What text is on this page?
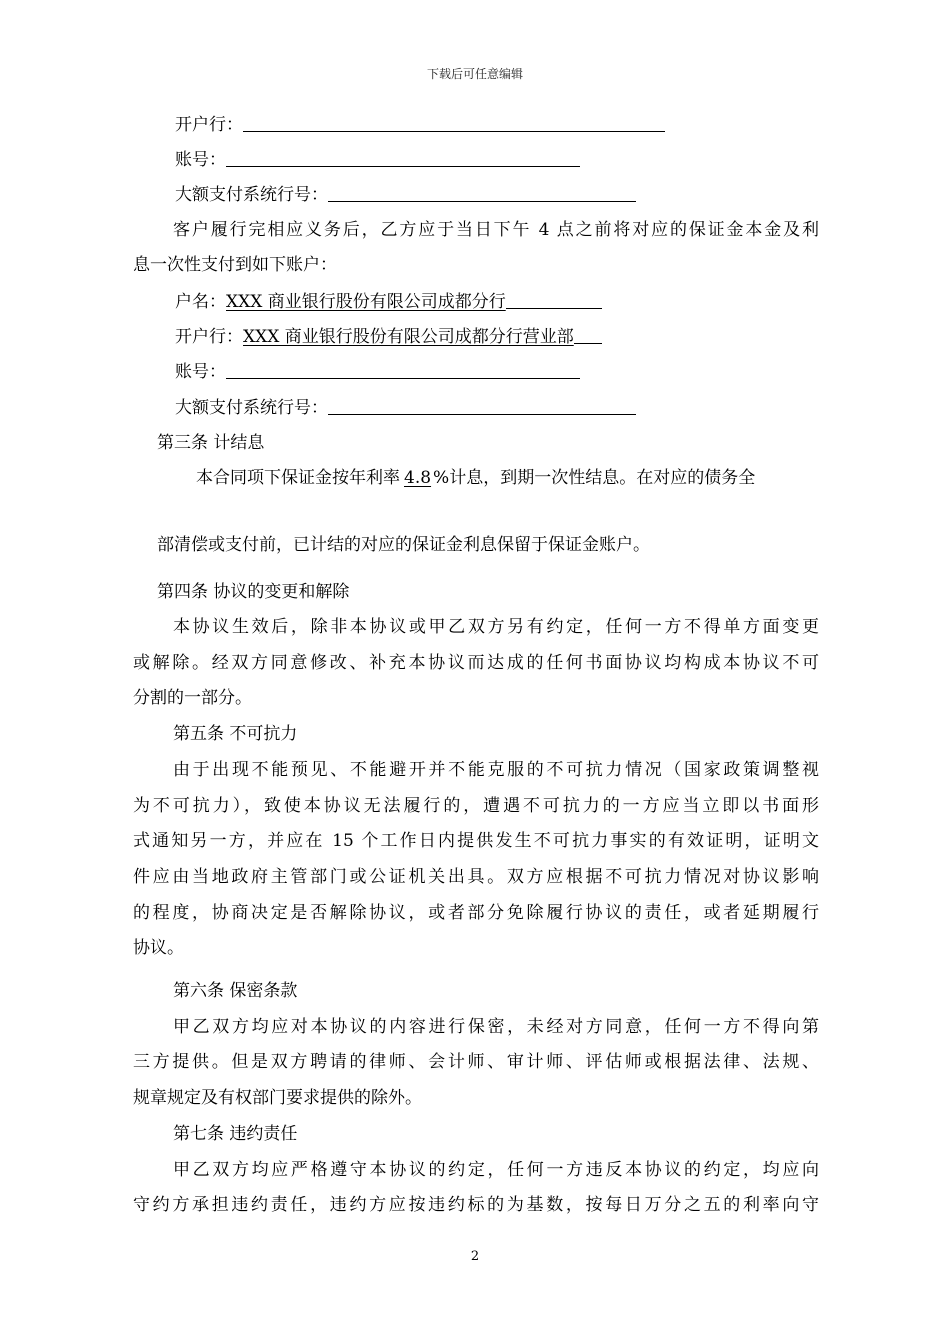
下载后可任意编辑
开户行：
账号：
大额支付系统行号：
客户履行完相应义务后，乙方应于当日下午 4 点之前将对应的保证金本金及利
息一次性支付到如下账户：
户名：XXX 商业银行股份有限公司成都分行
开户行：XXX 商业银行股份有限公司成都分行营业部
账号：
大额支付系统行号：
第三条 计结息
本合同项下保证金按年利率 4.8 %计息，到期一次性结息。在对应的债务全
部清偿或支付前，已计结的对应的保证金利息保留于保证金账户。
第四条 协议的变更和解除
本协议生效后，除非本协议或甲乙双方另有约定，任何一方不得单方面变更
或解除。经双方同意修改、补充本协议而达成的任何书面协议均构成本协议不可
分割的一部分。
第五条 不可抗力
由于出现不能预见、不能避开并不能克服的不可抗力情况（国家政策调整视
为不可抗力），致使本协议无法履行的，遭遇不可抗力的一方应当立即以书面形
式通知另一方，并应在 15 个工作日内提供发生不可抗力事实的有效证明，证明文
件应由当地政府主管部门或公证机关出具。双方应根据不可抗力情况对协议影响
的程度，协商决定是否解除协议，或者部分免除履行协议的责任，或者延期履行
协议。
第六条 保密条款
甲乙双方均应对本协议的内容进行保密，未经对方同意，任何一方不得向第
三方提供。但是双方聘请的律师、会计师、审计师、评估师或根据法律、法规、
规章规定及有权部门要求提供的除外。
第七条 违约责任
甲乙双方均应严格遵守本协议的约定，任何一方违反本协议的约定，均应向
守约方承担违约责任，违约方应按违约标的为基数，按每日万分之五的利率向守
2
